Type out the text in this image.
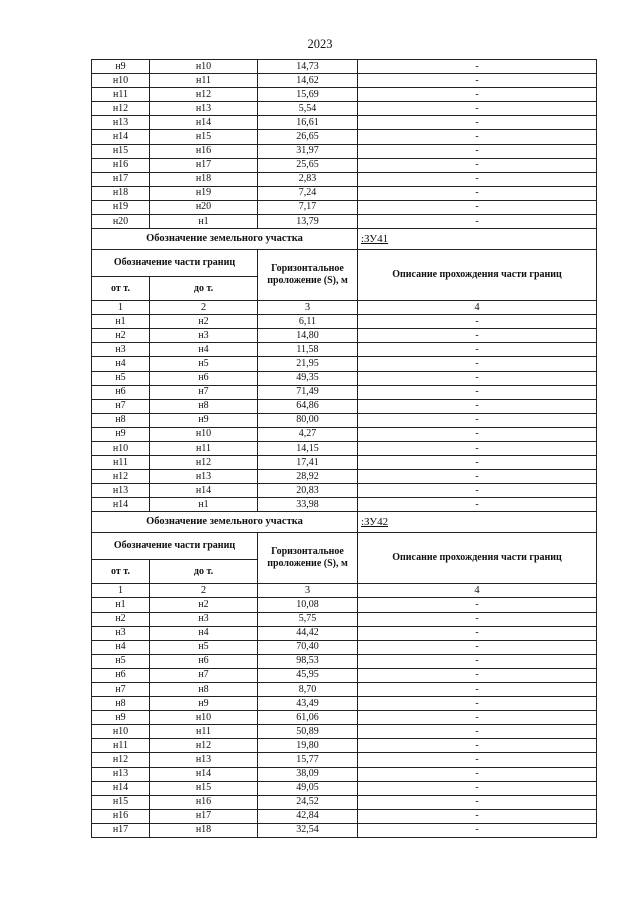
2023
н9	н10	14,73	-
н10	н11	14,62	-
н11	н12	15,69	-
н12	н13	5,54	-
н13	н14	16,61	-
н14	н15	26,65	-
н15	н16	31,97	-
н16	н17	25,65	-
н17	н18	2,83	-
н18	н19	7,24	-
н19	н20	7,17	-
н20	н1	13,79	-
Обозначение земельного участка			:ЗУ41
Обозначение части границ		Горизонтальное проложение (S), м	Описание прохождения части границ
от т.	до т.		
1	2	3	4
н1	н2	6,11	-
н2	н3	14,80	-
н3	н4	11,58	-
н4	н5	21,95	-
н5	н6	49,35	-
н6	н7	71,49	-
н7	н8	64,86	-
н8	н9	80,00	-
н9	н10	4,27	-
н10	н11	14,15	-
н11	н12	17,41	-
н12	н13	28,92	-
н13	н14	20,83	-
н14	н1	33,98	-
Обозначение земельного участка			:ЗУ42
Обозначение части границ		Горизонтальное проложение (S), м	Описание прохождения части границ
от т.	до т.		
1	2	3	4
н1	н2	10,08	-
н2	н3	5,75	-
н3	н4	44,42	-
н4	н5	70,40	-
н5	н6	98,53	-
н6	н7	45,95	-
н7	н8	8,70	-
н8	н9	43,49	-
н9	н10	61,06	-
н10	н11	50,89	-
н11	н12	19,80	-
н12	н13	15,77	-
н13	н14	38,09	-
н14	н15	49,05	-
н15	н16	24,52	-
н16	н17	42,84	-
н17	н18	32,54	-
